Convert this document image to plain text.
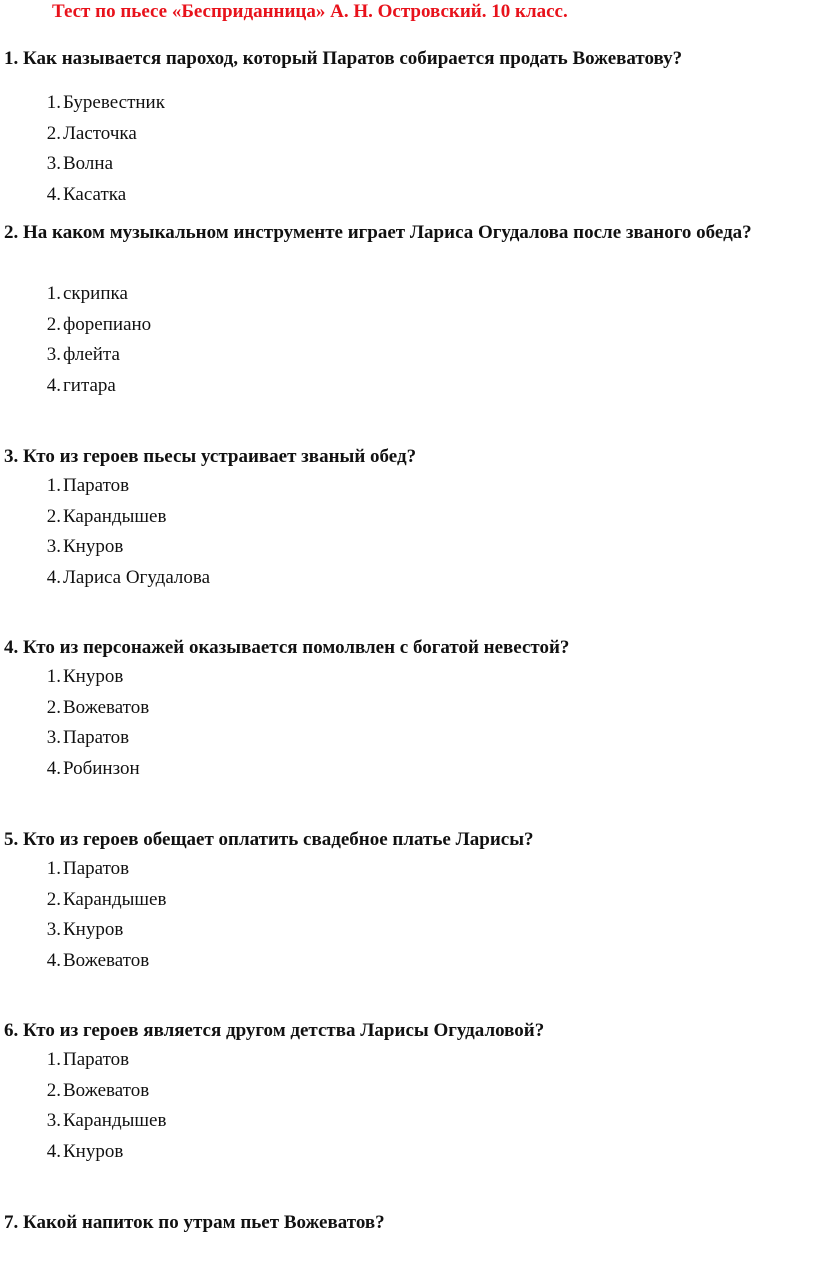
Тест по пьесе «Бесприданница» А. Н. Островский. 10 класс.
1. Как называется пароход, который Паратов собирается продать Вожеватову?
1. Буревестник
2. Ласточка
3. Волна
4. Касатка
2. На каком музыкальном инструменте играет Лариса Огудалова после званого обеда?
1. скрипка
2. форепиано
3. флейта
4. гитара
3. Кто из героев пьесы устраивает званый обед?
1. Паратов
2. Карандышев
3. Кнуров
4. Лариса Огудалова
4. Кто из персонажей оказывается помолвлен с богатой невестой?
1. Кнуров
2. Вожеватов
3. Паратов
4. Робинзон
5. Кто из героев обещает оплатить свадебное платье Ларисы?
1. Паратов
2. Карандышев
3. Кнуров
4. Вожеватов
6. Кто из героев является другом детства Ларисы Огудаловой?
1. Паратов
2. Вожеватов
3. Карандышев
4. Кнуров
7. Какой напиток по утрам пьет Вожеватов?
